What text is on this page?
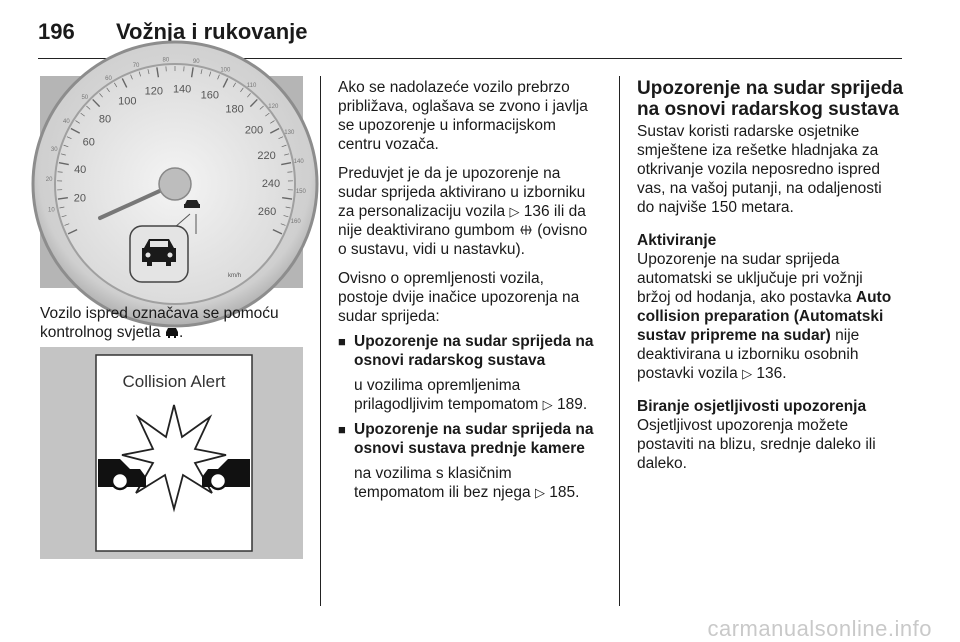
196 Vožnja i rukovanje
10
20
30
40
50
60
70
80	90
100
110
120
130
140
150
160
20
40
60
80
100
120 140
160
180
200
220
240
260
km/h
Vozilo ispred označava se pomoću
kontrolnog svjetla .
Collision Alert

Ako se nadolazeće vozilo prebrzo
približava, oglašava se zvono i javlja
se upozorenje u informacijskom
centru vozača.

Preduvjet je da je upozorenje na
sudar sprijeda aktivirano u izborniku
za personalizaciju vozila ▷ 136 ili da
nije deaktivirano gumbom (ovisno
o sustavu, vidi u nastavku).

Ovisno o opremljenosti vozila,
postoje dvije inačice upozorenja na
sudar sprijeda:

■ Upozorenje na sudar sprijeda na
osnovi radarskog sustava

u vozilima opremljenima
prilagodljivim tempomatom ▷ 189.

■ Upozorenje na sudar sprijeda na
osnovi sustava prednje kamere

na vozilima s klasičnim
tempomatom ili bez njega ▷ 185.

Upozorenje na sudar sprijeda
na osnovi radarskog sustava

Sustav koristi radarske osjetnike
smještene iza rešetke hladnjaka za
otkrivanje vozila neposredno ispred
vas, na vašoj putanji, na odaljenosti
do najviše 150 metara.

Aktiviranje

Upozorenje na sudar sprijeda
automatski se uključuje pri vožnji
bržoj od hodanja, ako postavka Auto
collision preparation (Automatski
sustav pripreme na sudar) nije
deaktivirana u izborniku osobnih
postavki vozila ▷ 136.

Biranje osjetljivosti upozorenja

Osjetljivost upozorenja možete
postaviti na blizu, srednje daleko ili
daleko.

carmanualsonline.info
